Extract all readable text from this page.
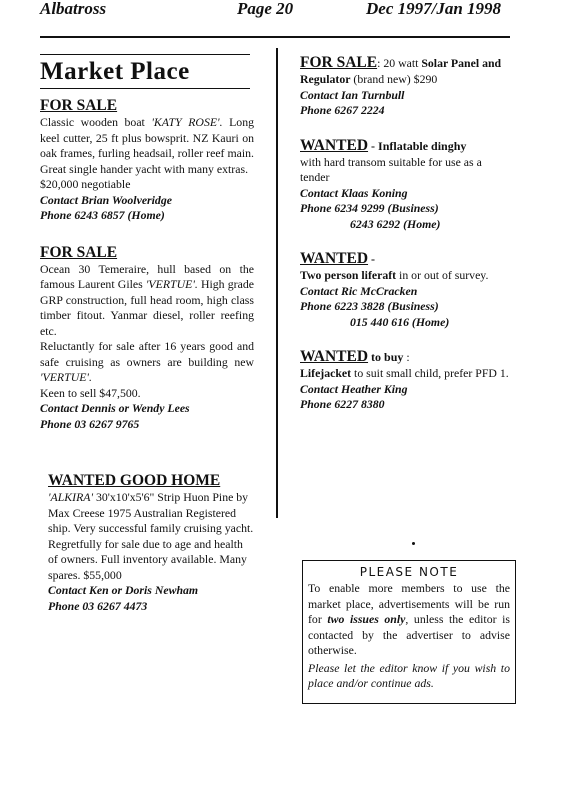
Albatross	Page 20	Dec 1997/Jan 1998
Market Place
FOR SALE
Classic wooden boat 'KATY ROSE'. Long keel cutter, 25 ft plus bowsprit. NZ Kauri on oak frames, furling headsail, roller reef main. Great single hander yacht with many extras.
$20,000 negotiable
Contact Brian Woolveridge
Phone 6243 6857 (Home)
FOR SALE
Ocean 30 Temeraire, hull based on the famous Laurent Giles 'VERTUE'. High grade GRP construction, full head room, high class timber fitout. Yanmar diesel, roller reefing etc.
Reluctantly for sale after 16 years good and safe cruising as owners are building new 'VERTUE'.
Keen to sell $47,500.
Contact Dennis or Wendy Lees
Phone 03 6267 9765
WANTED GOOD HOME
'ALKIRA' 30'x10'x5'6" Strip Huon Pine by Max Creese 1975 Australian Registered ship. Very successful family cruising yacht. Regretfully for sale due to age and health of owners. Full inventory available. Many spares. $55,000
Contact Ken or Doris Newham
Phone 03 6267 4473
FOR SALE: 20 watt Solar Panel and Regulator (brand new) $290
Contact Ian Turnbull
Phone 6267 2224
WANTED - Inflatable dinghy
with hard transom suitable for use as a tender
Contact Klaas Koning
Phone 6234 9299 (Business)
6243 6292 (Home)
WANTED -
Two person liferaft in or out of survey.
Contact Ric McCracken
Phone 6223 3828 (Business)
015 440 616 (Home)
WANTED to buy :
Lifejacket to suit small child, prefer PFD 1.
Contact Heather King
Phone 6227 8380
PLEASE NOTE
To enable more members to use the market place, advertisements will be run for two issues only, unless the editor is contacted by the advertiser to advise otherwise.
Please let the editor know if you wish to place and/or continue ads.
